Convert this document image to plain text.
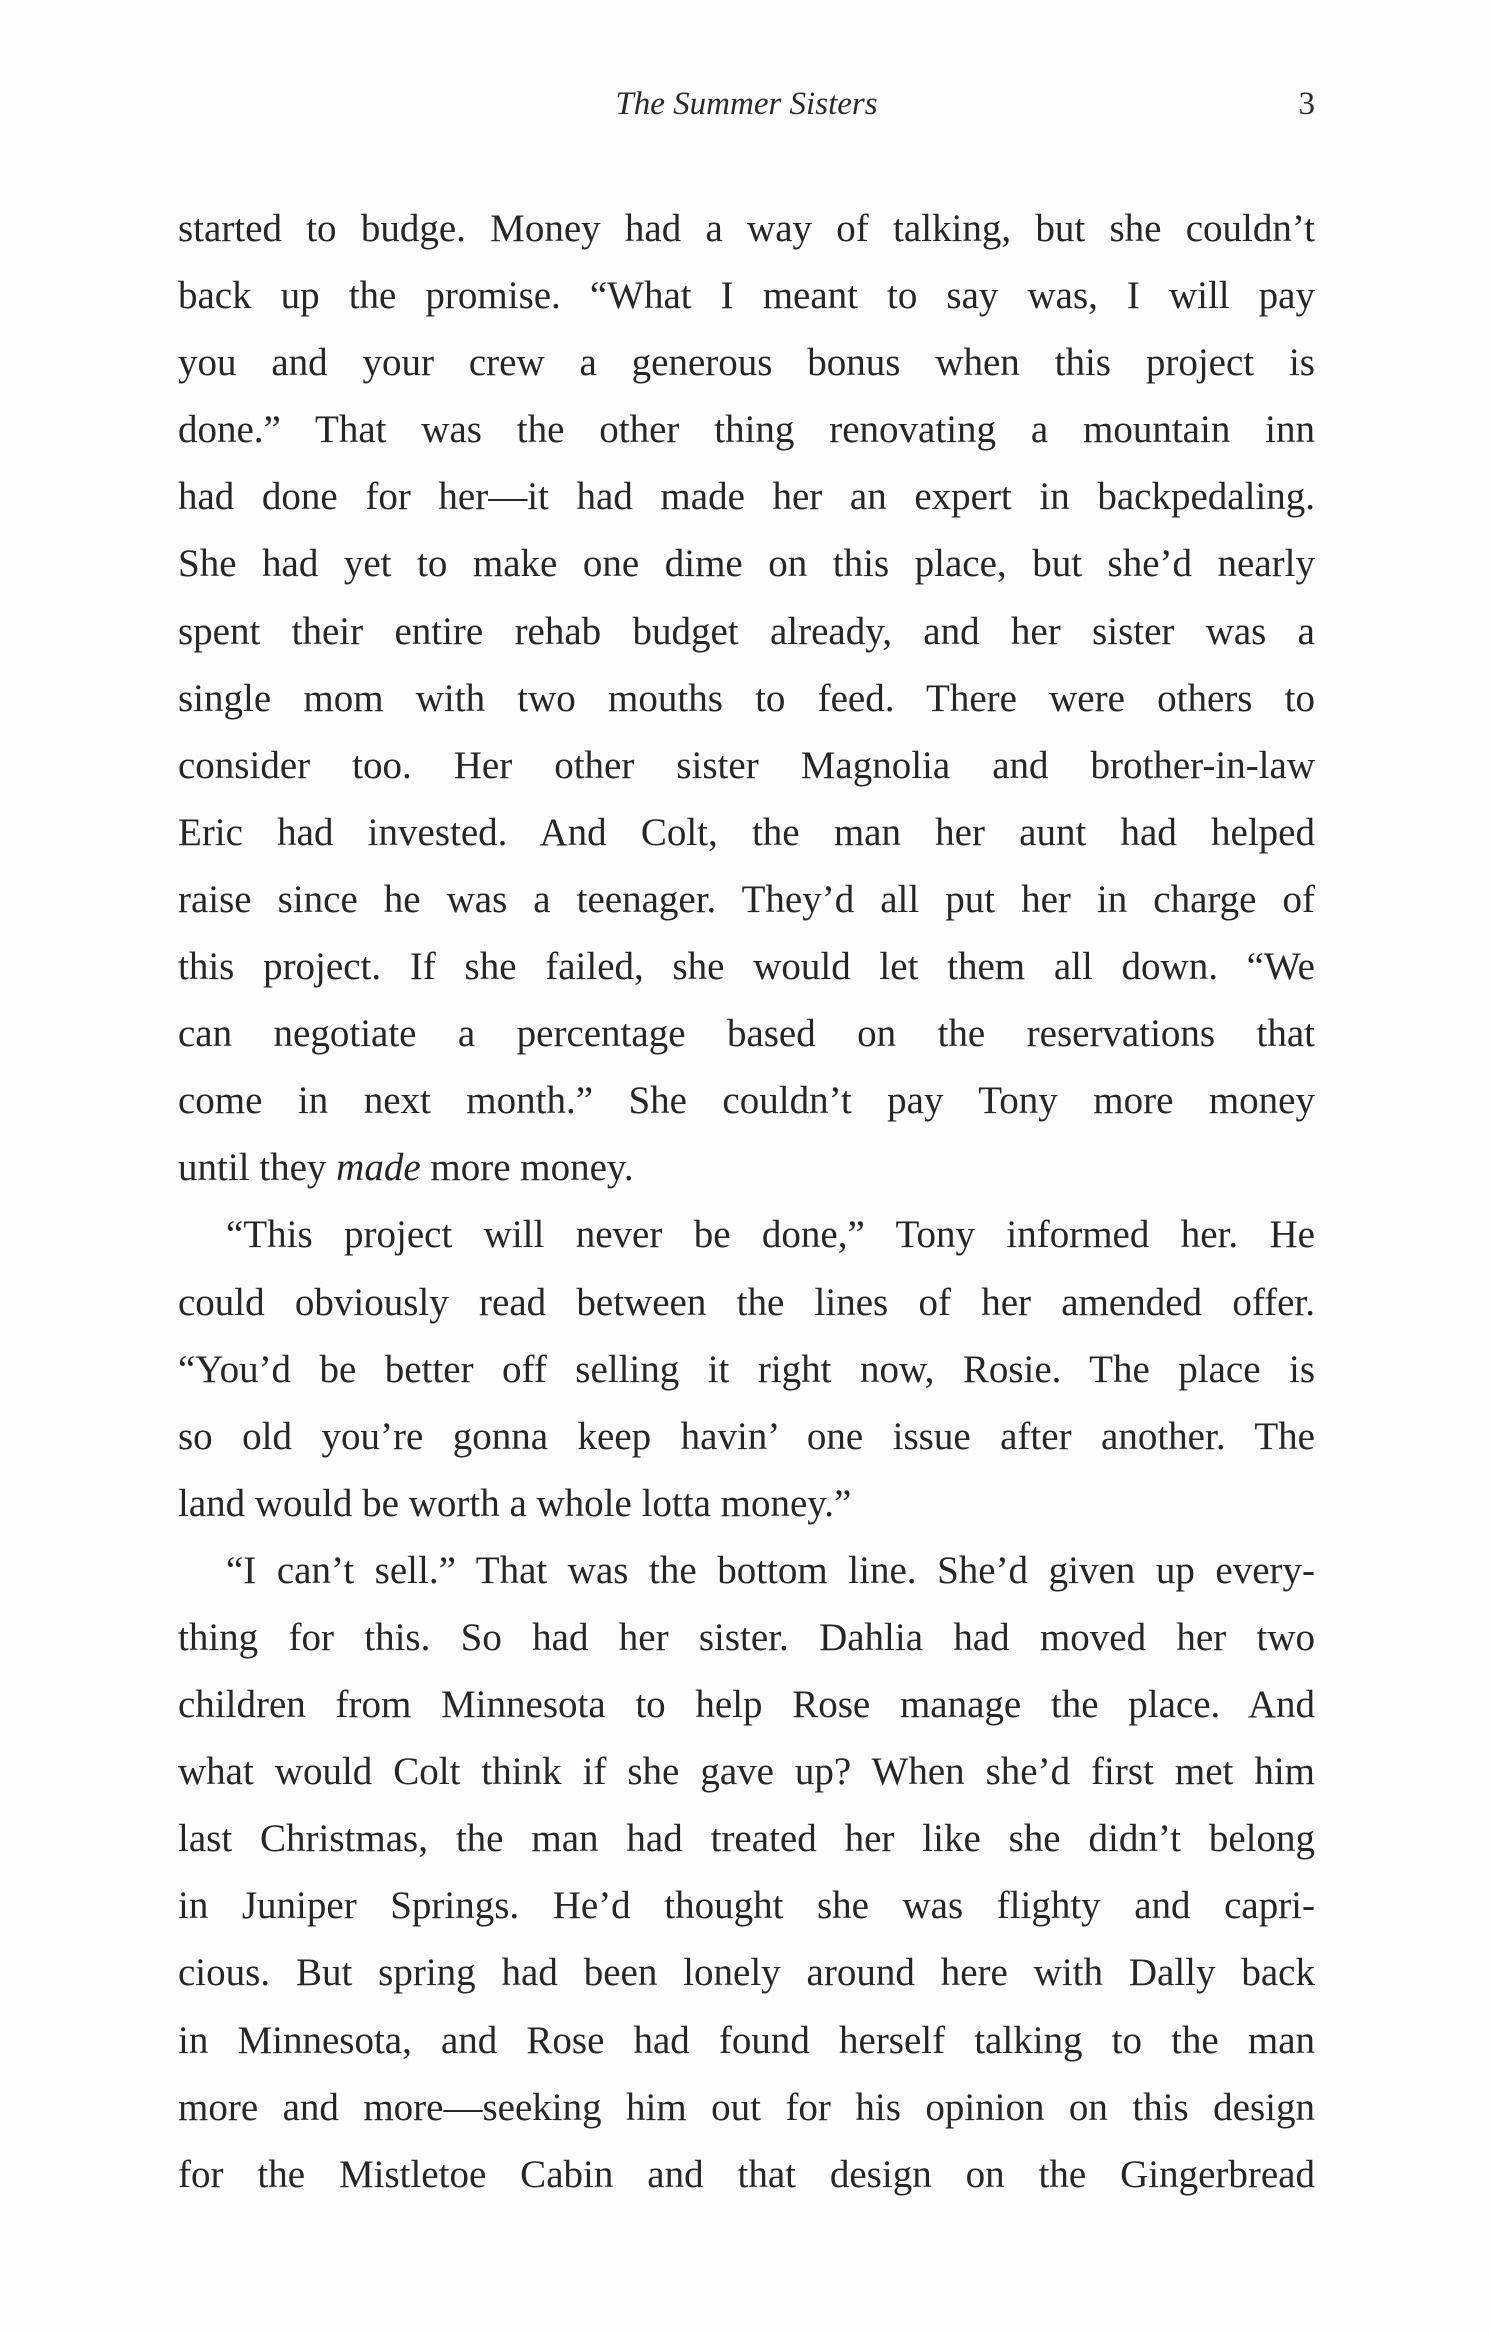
The Summer Sisters	3
started to budge. Money had a way of talking, but she couldn’t
back up the promise. “What I meant to say was, I will pay
you and your crew a generous bonus when this project is
done.” That was the other thing renovating a mountain inn
had done for her—it had made her an expert in backpedaling.
She had yet to make one dime on this place, but she’d nearly
spent their entire rehab budget already, and her sister was a
single mom with two mouths to feed. There were others to
consider too. Her other sister Magnolia and brother-in-law
Eric had invested. And Colt, the man her aunt had helped
raise since he was a teenager. They’d all put her in charge of
this project. If she failed, she would let them all down. “We
can negotiate a percentage based on the reservations that
come in next month.” She couldn’t pay Tony more money
until they made more money.
“This project will never be done,” Tony informed her. He
could obviously read between the lines of her amended offer.
“You’d be better off selling it right now, Rosie. The place is
so old you’re gonna keep havin’ one issue after another. The
land would be worth a whole lotta money.”
“I can’t sell.” That was the bottom line. She’d given up every-
thing for this. So had her sister. Dahlia had moved her two
children from Minnesota to help Rose manage the place. And
what would Colt think if she gave up? When she’d first met him
last Christmas, the man had treated her like she didn’t belong
in Juniper Springs. He’d thought she was flighty and capri-
cious. But spring had been lonely around here with Dally back
in Minnesota, and Rose had found herself talking to the man
more and more—seeking him out for his opinion on this design
for the Mistletoe Cabin and that design on the Gingerbread
